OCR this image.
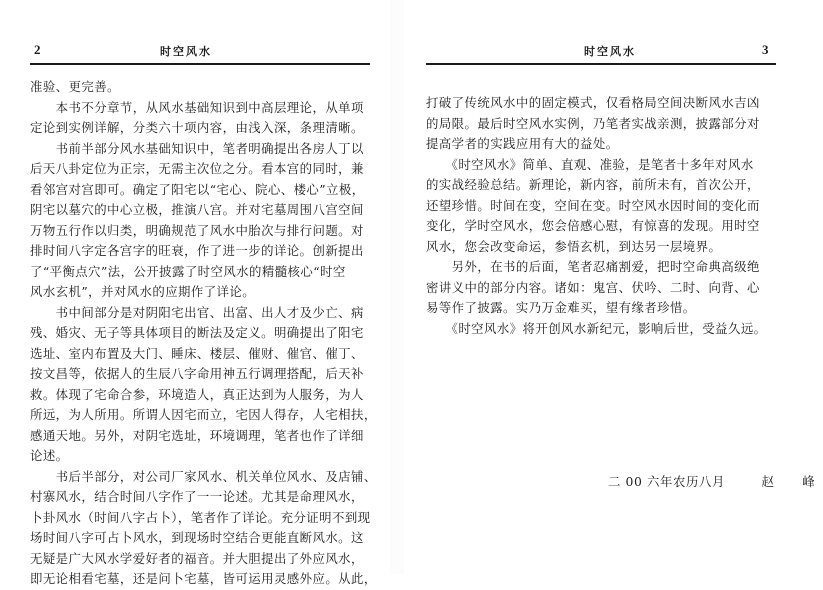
2	时空风水
准验、更完善。
　　本书不分章节，从风水基础知识到中高层理论，从单项
定论到实例详解，分类六十项内容，由浅入深，条理清晰。
　　书前半部分风水基础知识中，笔者明确提出各房人丁以
后天八卦定位为正宗，无需主次位之分。看本宫的同时，兼
看邻宫对宫即可。确定了阳宅以“宅心、院心、楼心”立极，
阴宅以墓穴的中心立极，推演八宫。并对宅墓周围八宫空间
万物五行作以归类，明确规范了风水中胎次与排行问题。对
排时间八字定各宫字的旺衰，作了进一步的详论。创新提出
了“平衡点穴”法，公开披露了时空风水的精髓核心“时空
风水玄机”，并对风水的应期作了详论。
　　书中间部分是对阴阳宅出官、出富、出人才及少亡、病
残、婚灾、无子等具体项目的断法及定义。明确提出了阳宅
选址、室内布置及大门、睡床、楼层、催财、催官、催丁、
按文昌等，依据人的生辰八字命用神五行调理搭配，后天补
救。体现了宅命合参，环境造人，真正达到为人服务，为人
所远，为人所用。所谓人因宅而立，宅因人得存，人宅相扶，
感通天地。另外，对阴宅选址，环境调理，笔者也作了详细
论述。
　　书后半部分，对公司厂家风水、机关单位风水、及店铺、
村寨风水，结合时间八字作了一一论述。尤其是命理风水，
卜卦风水（时间八字占卜），笔者作了详论。充分证明不到现
场时间八字可占卜风水，到现场时空结合更能直断风水。这
无疑是广大风水学爱好者的福音。并大胆提出了外应风水，
即无论相看宅墓，还是问卜宅墓，皆可运用灵感外应。从此，
时空风水	3
打破了传统风水中的固定模式，仅看格局空间决断风水吉凶
的局限。最后时空风水实例，乃笔者实战亲测，披露部分对
提高学者的实践应用有大的益处。
　　《时空风水》简单、直观、准验，是笔者十多年对风水
的实战经验总结。新理论，新内容，前所未有，首次公开，
还望珍惜。时间在变，空间在变。时空风水因时间的变化而
变化，学时空风水，您会倍感心慰，有惊喜的发现。用时空
风水，您会改变命运，参悟玄机，到达另一层境界。
　　另外，在书的后面，笔者忍痛割爱，把时空命典高级绝
密讲义中的部分内容。诸如：鬼宫、伏吟、二时、向背、心
易等作了披露。实乃万金难买，望有缘者珍惜。
　　《时空风水》将开创风水新纪元，影响后世，受益久远。
二 00 六年农历八月	赵　峰
